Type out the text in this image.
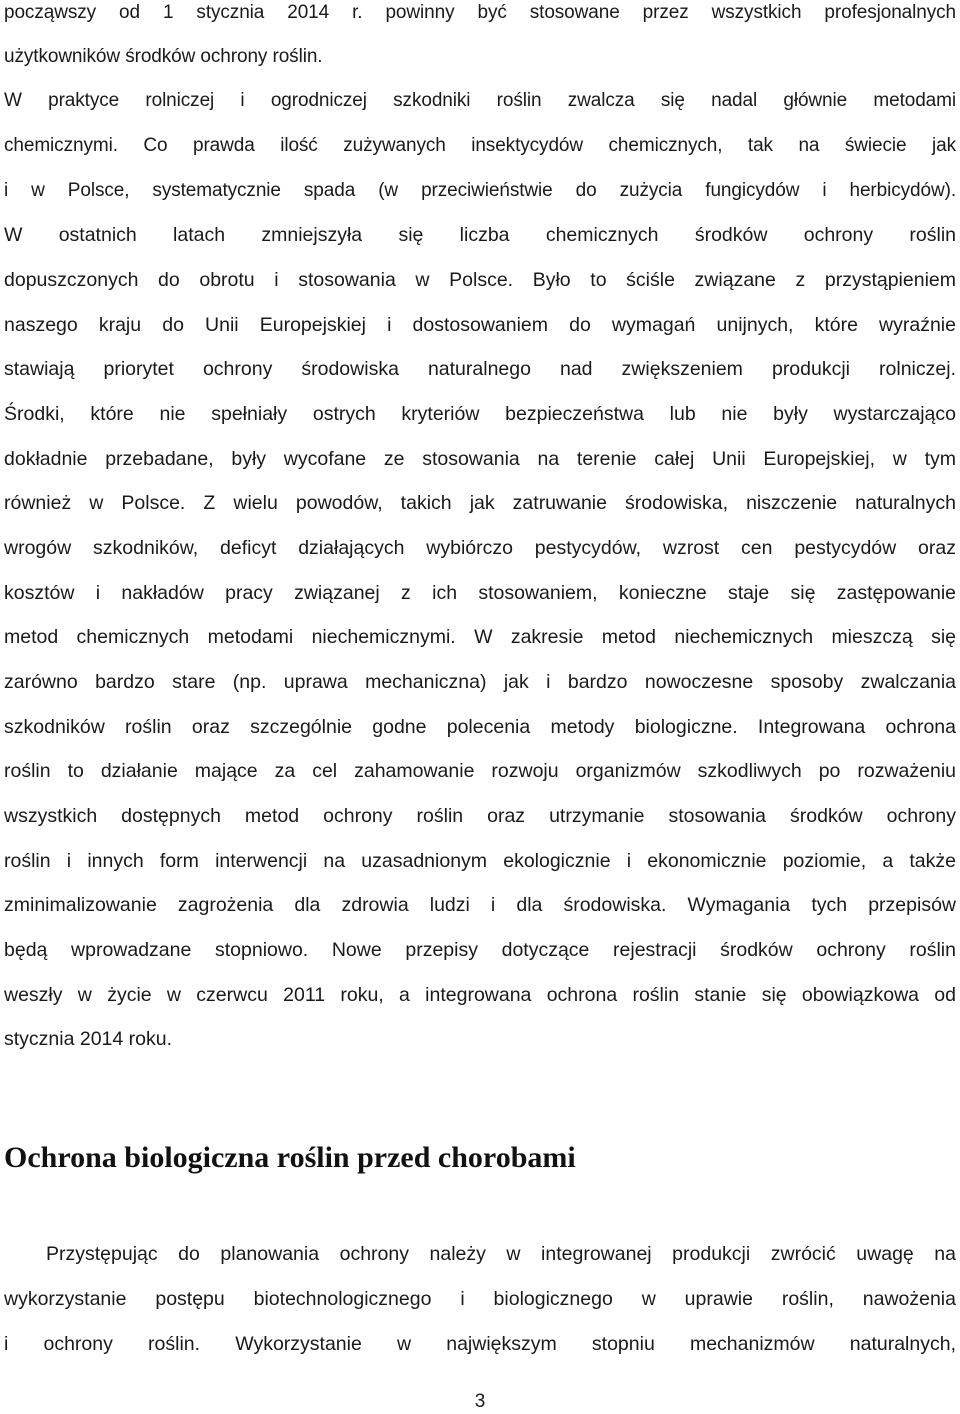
począwszy od 1 stycznia 2014 r. powinny być stosowane przez wszystkich profesjonalnych
użytkowników środków ochrony roślin.
W praktyce rolniczej i ogrodniczej szkodniki roślin zwalcza się nadal głównie metodami
chemicznymi. Co prawda ilość zużywanych insektycydów chemicznych, tak na świecie jak
i w Polsce, systematycznie spada (w przeciwieństwie do zużycia fungicydów i herbicydów).
W ostatnich latach zmniejszyła się liczba chemicznych środków ochrony roślin
dopuszczonych do obrotu i stosowania w Polsce. Było to ściśle związane z przystąpieniem
naszego kraju do Unii Europejskiej i dostosowaniem do wymagań unijnych, które wyraźnie
stawiają priorytet ochrony środowiska naturalnego nad zwiększeniem produkcji rolniczej.
Środki, które nie spełniały ostrych kryteriów bezpieczeństwa lub nie były wystarczająco
dokładnie przebadane, były wycofane ze stosowania na terenie całej Unii Europejskiej, w tym
również w Polsce. Z wielu powodów, takich jak zatruwanie środowiska, niszczenie naturalnych
wrogów szkodników, deficyt działających wybiórczo pestycydów, wzrost cen pestycydów oraz
kosztów i nakładów pracy związanej z ich stosowaniem, konieczne staje się zastępowanie
metod chemicznych metodami niechemicznymi. W zakresie metod niechemicznych mieszczą się
zarówno bardzo stare (np. uprawa mechaniczna) jak i bardzo nowoczesne sposoby zwalczania
szkodników roślin oraz szczególnie godne polecenia metody biologiczne. Integrowana ochrona
roślin to działanie mające za cel zahamowanie rozwoju organizmów szkodliwych po rozważeniu
wszystkich dostępnych metod ochrony roślin oraz utrzymanie stosowania środków ochrony
roślin i innych form interwencji na uzasadnionym ekologicznie i ekonomicznie poziomie, a także
zminimalizowanie zagrożenia dla zdrowia ludzi i dla środowiska. Wymagania tych przepisów
będą wprowadzane stopniowo. Nowe przepisy dotyczące rejestracji środków ochrony roślin
weszły w życie w czerwcu 2011 roku, a integrowana ochrona roślin stanie się obowiązkowa od
stycznia 2014 roku.
Ochrona biologiczna roślin przed chorobami
Przystępując do planowania ochrony należy w integrowanej produkcji zwrócić uwagę na
wykorzystanie postępu biotechnologicznego i biologicznego w uprawie roślin, nawożenia
i ochrony roślin. Wykorzystanie w największym stopniu mechanizmów naturalnych,
3
